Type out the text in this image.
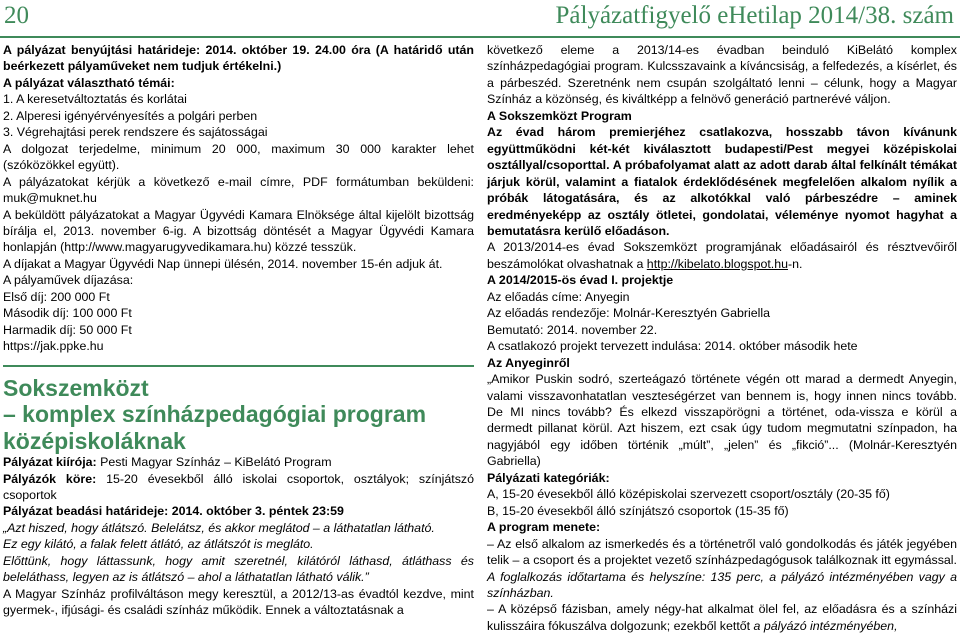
20	Pályázatfigyelő eHetilap 2014/38. szám

A pályázat benyújtási határideje: 2014. október 19. 24.00 óra (A határidő után beérkezett pályaműveket nem tudjuk értékelni.)

A pályázat választható témái:

1. A keresetváltoztatás és korlátai

2. Alperesi igényérvényesítés a polgári perben

3. Végrehajtási perek rendszere és sajátosságai

A dolgozat terjedelme, minimum 20 000, maximum 30 000 karakter lehet (szóközökkel együtt).

A pályázatokat kérjük a következő e-mail címre, PDF formátumban beküldeni: muk@muknet.hu

A beküldött pályázatokat a Magyar Ügyvédi Kamara Elnöksége által kijelölt bizottság bírálja el, 2013. november 6-ig. A bizottság döntését a Magyar Ügyvédi Kamara honlapján (http://www.magyarugyvedikamara.hu) közzé tesszük.

A díjakat a Magyar Ügyvédi Nap ünnepi ülésén, 2014. november 15-én adjuk át.

A pályaművek díjazása:

Első díj: 200 000 Ft

Második díj: 100 000 Ft

Harmadik díj: 50 000 Ft

https://jak.ppke.hu

Sokszemközt

– komplex színházpedagógiai program

középiskoláknak

Pályázat kiírója: Pesti Magyar Színház – KiBelátó Program

Pályázók köre: 15-20 évesekből álló iskolai csoportok, osztályok; színjátszó csoportok

Pályázat beadási határideje: 2014. október 3. péntek 23:59

„Azt hiszed, hogy átlátszó. Belelátsz, és akkor meglátod – a láthatatlan látható.

Ez egy kilátó, a falak felett átlátó, az átlátszót is megláto.

Előttünk, hogy láttassunk, hogy amit szeretnél, kilátóról láthasd, átláthass és beleláthass, legyen az is átlátszó – ahol a láthatatlan látható válik.”

A Magyar Színház profilváltáson megy keresztül, a 2012/13-as évadtól kezdve, mint gyermek-, ifjúsági- és családi színház működik. Ennek a változtatásnak a

következő eleme a 2013/14-es évadban beinduló KiBelátó komplex színházpedagógiai program. Kulcsszavaink a kíváncsiság, a felfedezés, a kísérlet, és a párbeszéd. Szeretnénk nem csupán szolgáltató lenni – célunk, hogy a Magyar Színház a közönség, és kiváltképp a felnövő generáció partnerévé váljon.

A Sokszemközt Program

Az évad három premierjéhez csatlakozva, hosszabb távon kívánunk együttműködni két-két kiválasztott budapesti/Pest megyei középiskolai osztállyal/csoporttal. A próbafolyamat alatt az adott darab által felkínált témákat járjuk körül, valamint a fiatalok érdeklődésének megfelelően alkalom nyílik a próbák látogatására, és az alkotókkal való párbeszédre – aminek eredményeképp az osztály ötletei, gondolatai, véleménye nyomot hagyhat a bemutatásra kerülő előadáson.

A 2013/2014-es évad Sokszemközt programjának előadásairól és résztvevőiről beszámolókat olvashatnak a http://kibelato.blogspot.hu-n.

A 2014/2015-ös évad I. projektje

Az előadás címe: Anyegin

Az előadás rendezője: Molnár-Keresztyén Gabriella

Bemutató: 2014. november 22.

A csatlakozó projekt tervezett indulása: 2014. október második hete

Az Anyeginről

„Amikor Puskin sodró, szerteágazó története végén ott marad a dermedt Anyegin, valami visszavonhatatlan veszteségérzet van bennem is, hogy innen nincs tovább. De MI nincs tovább? És elkezd visszapörögni a történet, oda-vissza e körül a dermedt pillanat körül. Azt hiszem, ezt csak úgy tudom megmutatni színpadon, ha nagyjából egy időben történik „múlt”, „jelen” és „fikció”... (Molnár-Keresztyén Gabriella)

Pályázati kategóriák:

A, 15-20 évesekből álló középiskolai szervezett csoport/osztály (20-35 fő)

B, 15-20 évesekből álló színjátszó csoportok (15-35 fő)

A program menete:

– Az első alkalom az ismerkedés és a történetről való gondolkodás és játék jegyében telik – a csoport és a projektet vezető színházpedagógusok találkoznak itt egymással. A foglalkozás időtartama és helyszíne: 135 perc, a pályázó intézményében vagy a színházban.

– A középső fázisban, amely négy-hat alkalmat ölel fel, az előadásra és a színházi kulisszáira fókuszálva dolgozunk; ezekből kettőt a pályázó intézményében,
